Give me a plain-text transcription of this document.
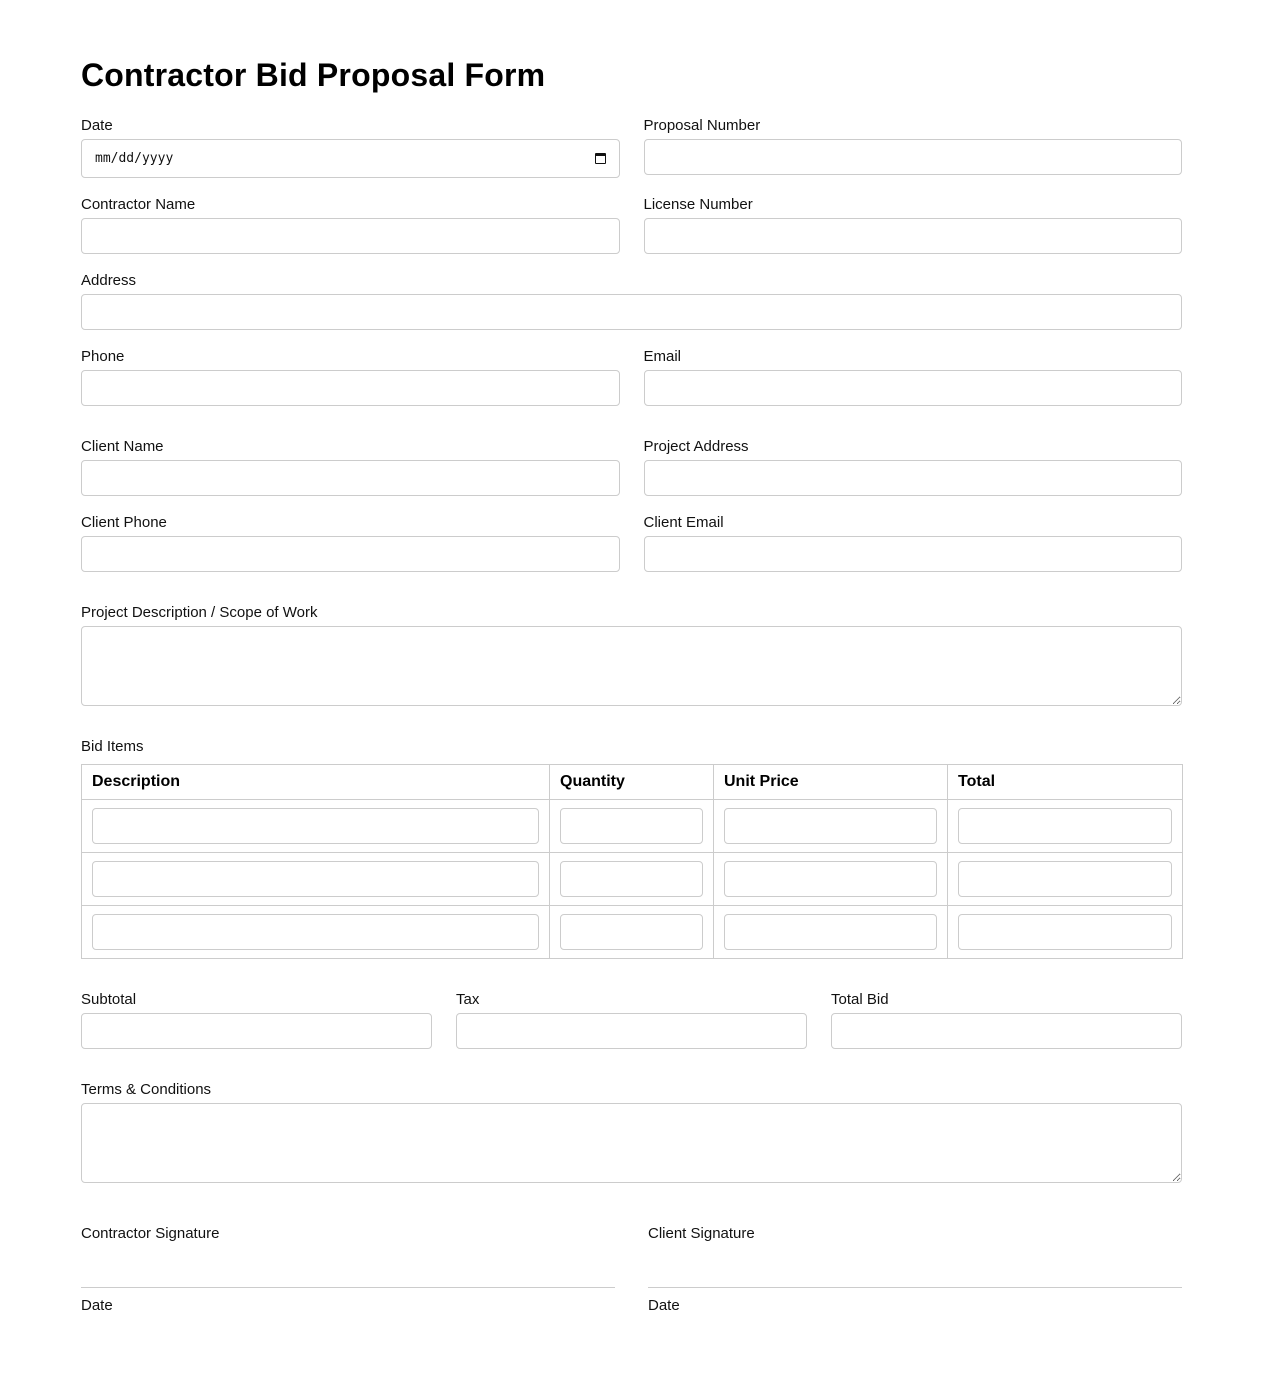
Contractor Bid Proposal Form
Date
mm/dd/yyyy
Proposal Number
Contractor Name	License Number
Address
Phone	Email
Client Name	Project Address
Client Phone	Client Email
Project Description / Scope of Work
Bid Items
Description	Quantity	Unit Price	Total

Subtotal	Tax	Total Bid
Terms & Conditions
Contractor Signature
Date
Client Signature
Date
